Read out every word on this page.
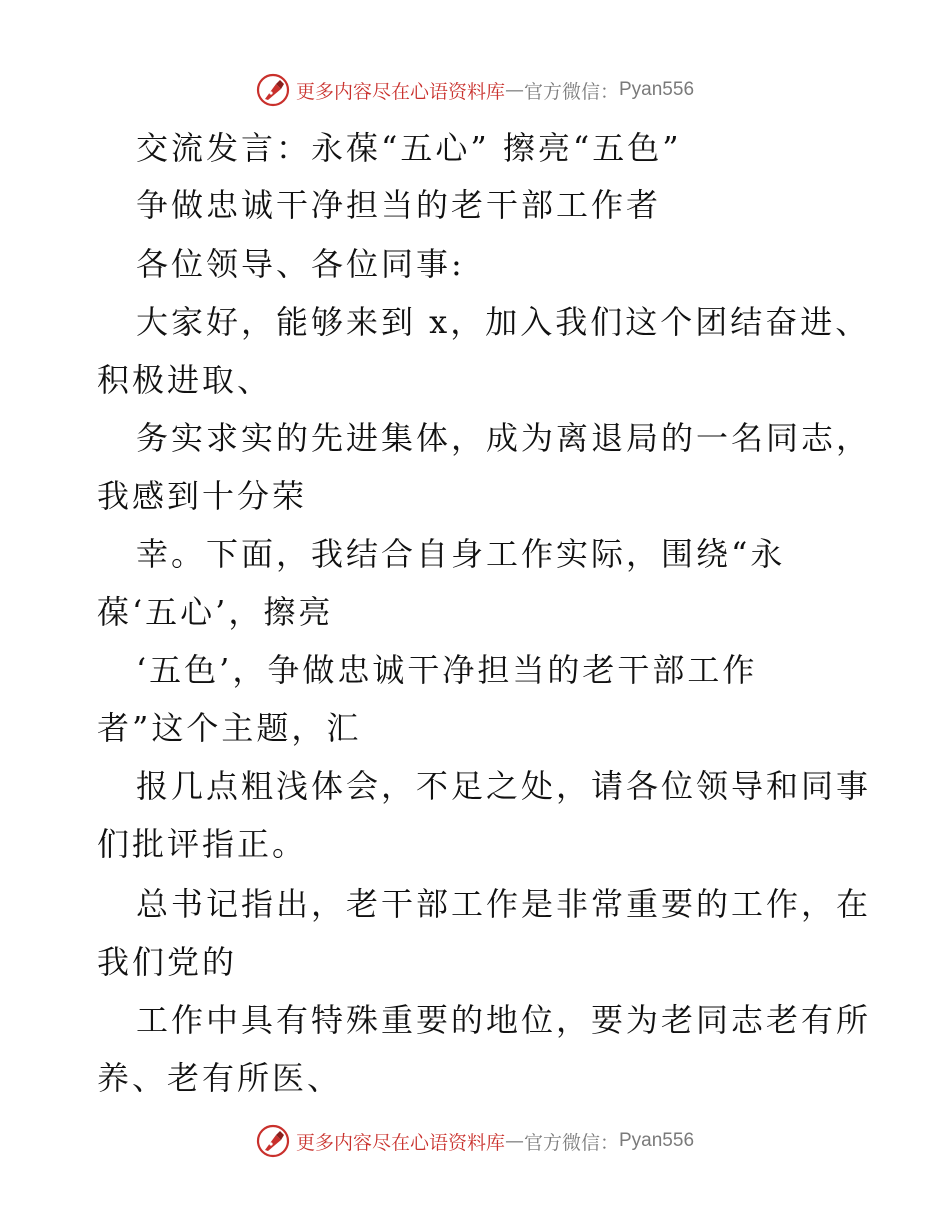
更多内容尽在心语资料库 — 官方微信： Pyan556
交流发言：永葆“五心” 擦亮“五色”
争做忠诚干净担当的老干部工作者
各位领导、各位同事:
大家好，能够来到 x，加入我们这个团结奋进、
积极进取、
务实求实的先进集体，成为离退局的一名同志，
我感到十分荣
幸。下面，我结合自身工作实际，围绕“永
葆‘五心’，擦亮
‘五色’，争做忠诚干净担当的老干部工作
者”这个主题，汇
报几点粗浅体会，不足之处，请各位领导和同事
们批评指正。
总书记指出，老干部工作是非常重要的工作，在
我们党的
工作中具有特殊重要的地位，要为老同志老有所
养、老有所医、
更多内容尽在心语资料库 — 官方微信： Pyan556
